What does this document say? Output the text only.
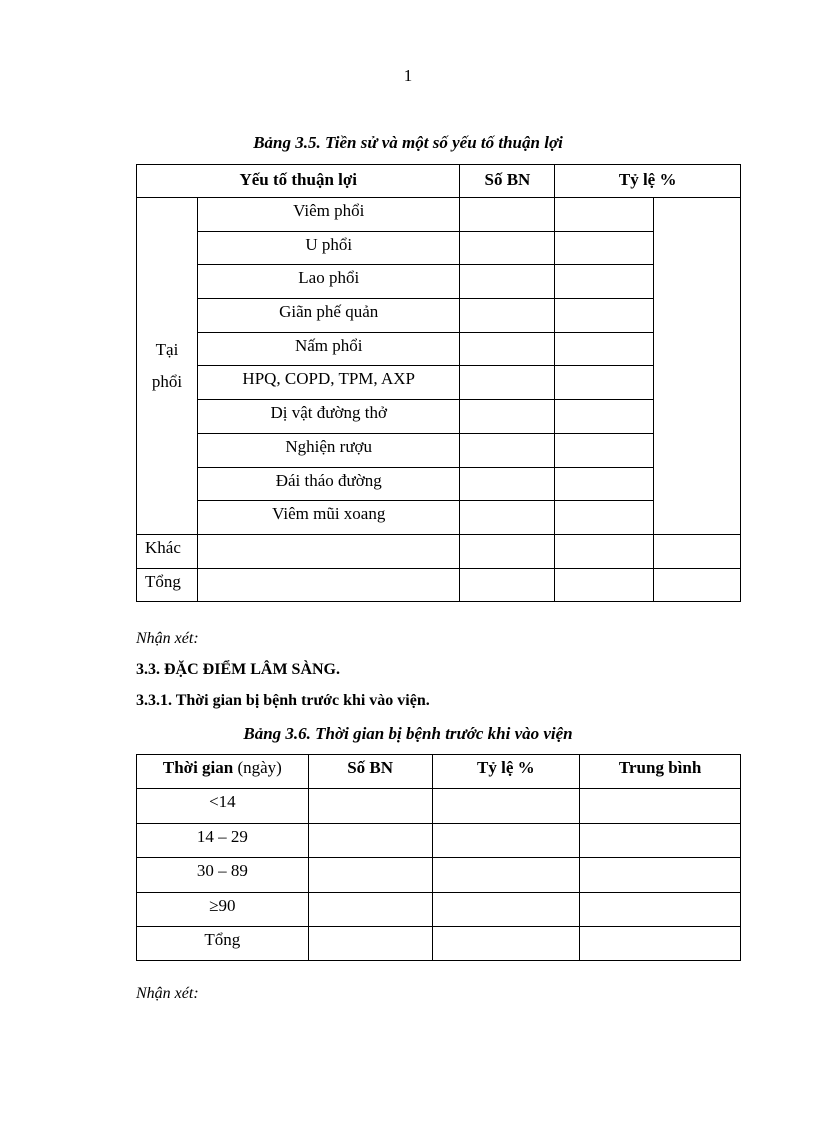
1
Bảng 3.5. Tiền sử và một số yếu tố thuận lợi
Yếu tố thuận lợi		Số BN	Tỷ lệ %	
Tại
phổi	Viêm phổi			
	U phổi			
	Lao phổi			
	Giãn phế quản			
	Nấm phổi			
	HPQ, COPD, TPM, AXP			
	Dị vật đường thở			
	Nghiện rượu			
	Đái tháo đường			
	Viêm mũi xoang			
Khác				
Tổng				
Nhận xét:
3.3. ĐẶC ĐIỂM LÂM SÀNG.
3.3.1. Thời gian bị bệnh trước khi vào viện.
Bảng 3.6. Thời gian bị bệnh trước khi vào viện
Thời gian (ngày)	Số BN	Tỷ lệ %	Trung bình
<14			
14 – 29			
30 – 89			
≥90			
Tổng			
Nhận xét:
